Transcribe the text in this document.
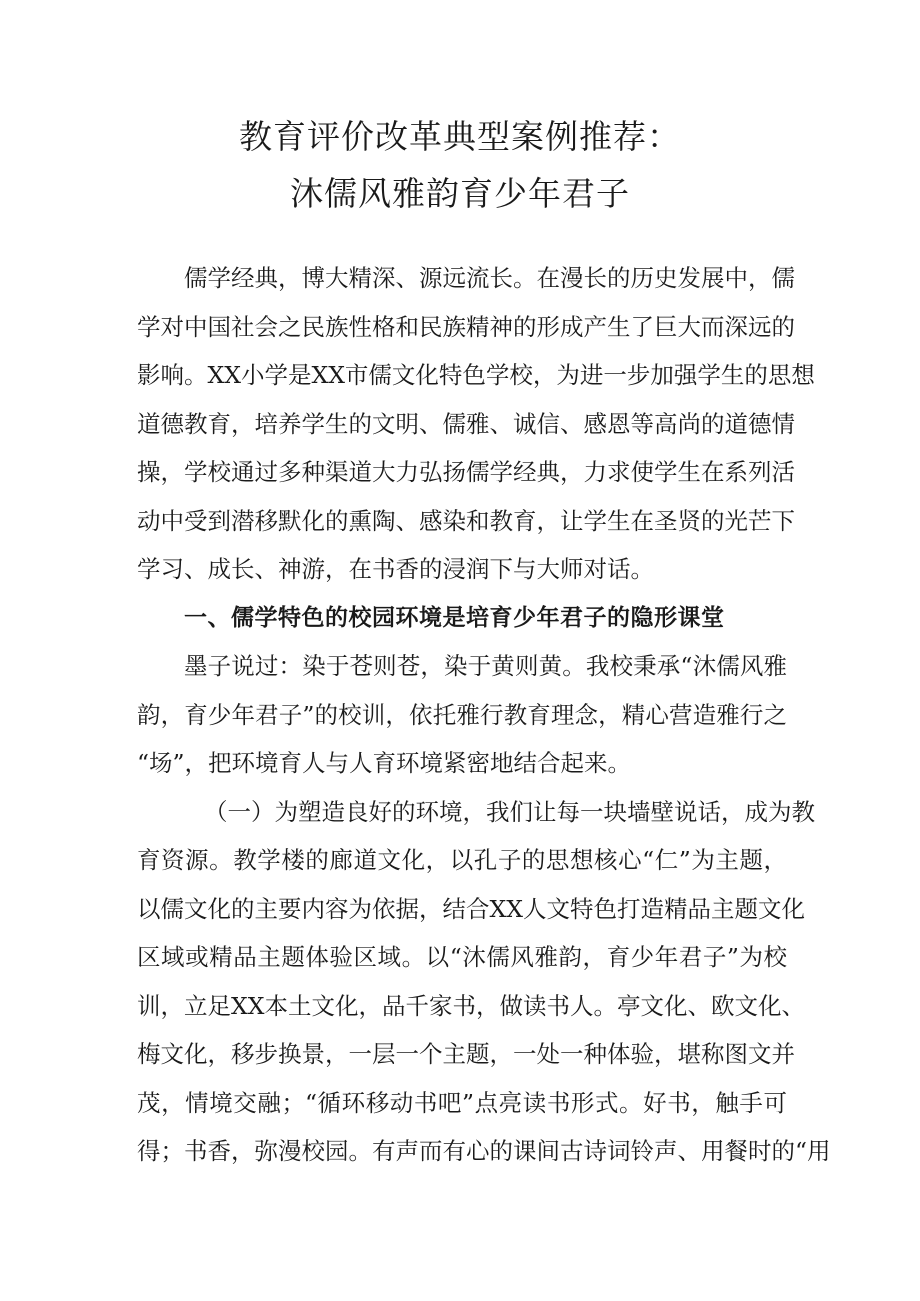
教育评价改革典型案例推荐：
沐儒风雅韵育少年君子
儒学经典，博大精深、源远流长。在漫长的历史发展中，儒
学对中国社会之民族性格和民族精神的形成产生了巨大而深远的
影响。XX小学是XX市儒文化特色学校，为进一步加强学生的思想
道德教育，培养学生的文明、儒雅、诚信、感恩等高尚的道德情
操，学校通过多种渠道大力弘扬儒学经典，力求使学生在系列活
动中受到潜移默化的熏陶、感染和教育，让学生在圣贤的光芒下
学习、成长、神游，在书香的浸润下与大师对话。
一、儒学特色的校园环境是培育少年君子的隐形课堂
墨子说过：染于苍则苍，染于黄则黄。我校秉承“沐儒风雅
韵，育少年君子”的校训，依托雅行教育理念，精心营造雅行之
“场”，把环境育人与人育环境紧密地结合起来。
（一）为塑造良好的环境，我们让每一块墙壁说话，成为教
育资源。教学楼的廊道文化，以孔子的思想核心“仁”为主题，
以儒文化的主要内容为依据，结合XX人文特色打造精品主题文化
区域或精品主题体验区域。以“沐儒风雅韵，育少年君子”为校
训，立足XX本土文化，品千家书，做读书人。亭文化、欧文化、
梅文化，移步换景，一层一个主题，一处一种体验，堪称图文并
茂，情境交融；“循环移动书吧”点亮读书形式。好书，触手可
得；书香，弥漫校园。有声而有心的课间古诗词铃声、用餐时的“用
